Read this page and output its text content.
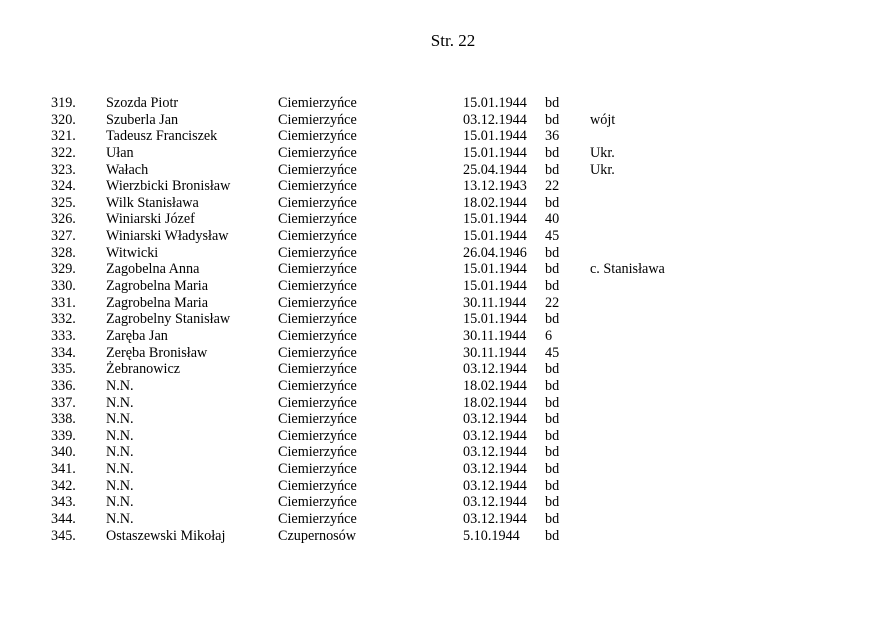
Str. 22
319. Szozda Piotr	Ciemierzyńce	15.01.1944 bd
320. Szuberla Jan	Ciemierzyńce	03.12.1944 bd wójt
321. Tadeusz Franciszek	Ciemierzyńce	15.01.1944 36
322. Ułan	Ciemierzyńce	15.01.1944 bd Ukr.
323. Wałach	Ciemierzyńce	25.04.1944 bd Ukr.
324. Wierzbicki Bronisław	Ciemierzyńce	13.12.1943 22
325. Wilk Stanisława	Ciemierzyńce	18.02.1944 bd
326. Winiarski Józef	Ciemierzyńce	15.01.1944 40
327. Winiarski Władysław	Ciemierzyńce	15.01.1944 45
328. Witwicki	Ciemierzyńce	26.04.1946 bd
329. Zagobelna Anna	Ciemierzyńce	15.01.1944 bd c. Stanisława
330. Zagrobelna Maria	Ciemierzyńce	15.01.1944 bd
331. Zagrobelna Maria	Ciemierzyńce	30.11.1944 22
332. Zagrobelny Stanisław	Ciemierzyńce	15.01.1944 bd
333. Zaręba Jan	Ciemierzyńce	30.11.1944 6
334. Zeręba Bronisław	Ciemierzyńce	30.11.1944 45
335. Żebranowicz	Ciemierzyńce	03.12.1944 bd
336. N.N.	Ciemierzyńce	18.02.1944 bd
337. N.N.	Ciemierzyńce	18.02.1944 bd
338. N.N.	Ciemierzyńce	03.12.1944 bd
339. N.N.	Ciemierzyńce	03.12.1944 bd
340. N.N.	Ciemierzyńce	03.12.1944 bd
341. N.N.	Ciemierzyńce	03.12.1944 bd
342. N.N.	Ciemierzyńce	03.12.1944 bd
343. N.N.	Ciemierzyńce	03.12.1944 bd
344. N.N.	Ciemierzyńce	03.12.1944 bd
345. Ostaszewski Mikołaj	Czupernosów	5.10.1944 bd
